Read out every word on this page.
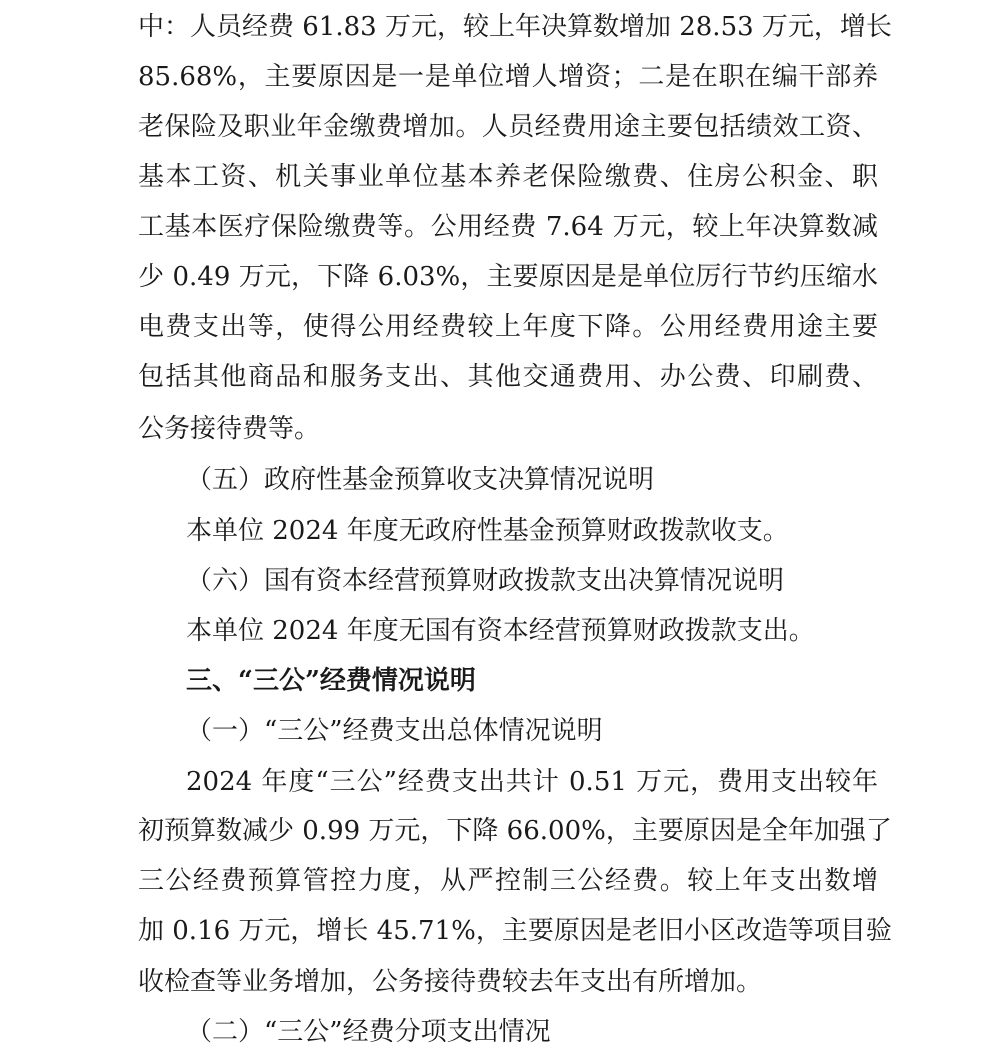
中：人员经费 61.83 万元，较上年决算数增加 28.53 万元，增长
85.68%，主要原因是一是单位增人增资；二是在职在编干部养
老保险及职业年金缴费增加。人员经费用途主要包括绩效工资、
基本工资、机关事业单位基本养老保险缴费、住房公积金、职
工基本医疗保险缴费等。公用经费 7.64 万元，较上年决算数减
少 0.49 万元，下降 6.03%，主要原因是是单位厉行节约压缩水
电费支出等，使得公用经费较上年度下降。公用经费用途主要
包括其他商品和服务支出、其他交通费用、办公费、印刷费、
公务接待费等。
（五）政府性基金预算收支决算情况说明
本单位 2024 年度无政府性基金预算财政拨款收支。
（六）国有资本经营预算财政拨款支出决算情况说明
本单位 2024 年度无国有资本经营预算财政拨款支出。
三、“三公”经费情况说明
（一）“三公”经费支出总体情况说明
2024 年度“三公”经费支出共计 0.51 万元，费用支出较年
初预算数减少 0.99 万元，下降 66.00%，主要原因是全年加强了
三公经费预算管控力度，从严控制三公经费。较上年支出数增
加 0.16 万元，增长 45.71%，主要原因是老旧小区改造等项目验
收检查等业务增加，公务接待费较去年支出有所增加。
（二）“三公”经费分项支出情况
